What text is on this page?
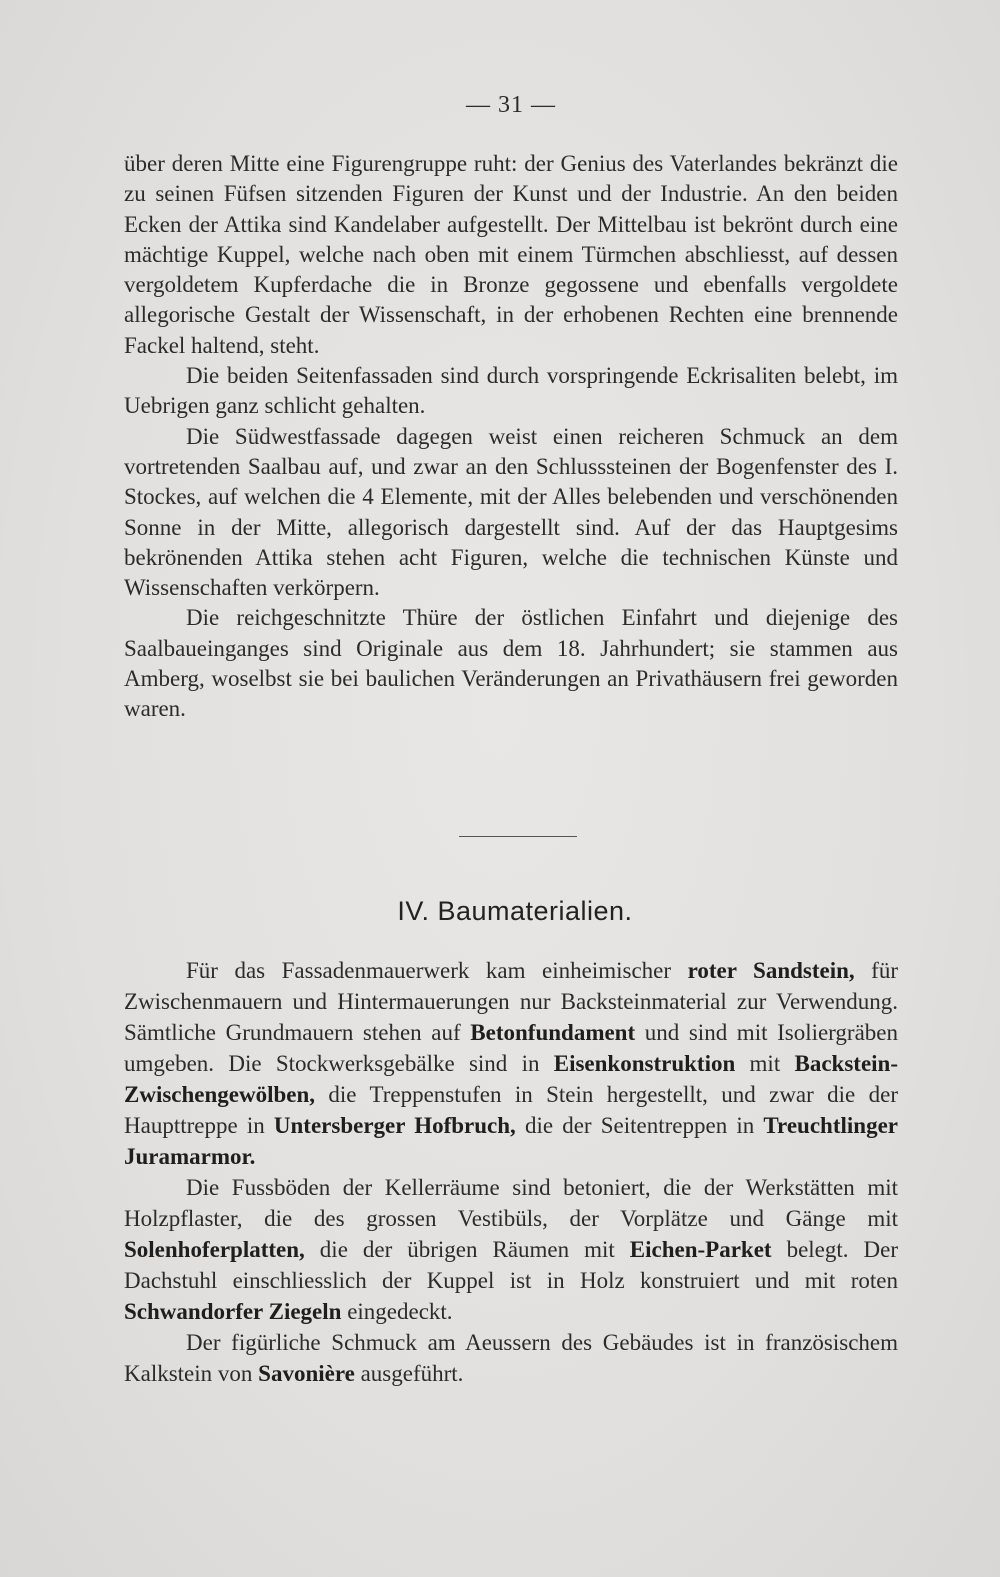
— 31 —

über deren Mitte eine Figurengruppe ruht: der Genius des Vaterlandes bekränzt die zu seinen Füfsen sitzenden Figuren der Kunst und der Industrie. An den beiden Ecken der Attika sind Kandelaber aufgestellt. Der Mittelbau ist bekrönt durch eine mächtige Kuppel, welche nach oben mit einem Türmchen abschliesst, auf dessen vergoldetem Kupferdache die in Bronze gegossene und ebenfalls vergoldete allegorische Gestalt der Wissenschaft, in der erhobenen Rechten eine brennende Fackel haltend, steht.

Die beiden Seitenfassaden sind durch vorspringende Eckrisaliten belebt, im Uebrigen ganz schlicht gehalten.

Die Südwestfassade dagegen weist einen reicheren Schmuck an dem vortretenden Saalbau auf, und zwar an den Schlusssteinen der Bogenfenster des I. Stockes, auf welchen die 4 Elemente, mit der Alles belebenden und verschönenden Sonne in der Mitte, allegorisch dargestellt sind. Auf der das Hauptgesims bekrönenden Attika stehen acht Figuren, welche die technischen Künste und Wissenschaften verkörpern.

Die reichgeschnitzte Thüre der östlichen Einfahrt und diejenige des Saalbaueinganges sind Originale aus dem 18. Jahrhundert; sie stammen aus Amberg, woselbst sie bei baulichen Veränderungen an Privathäusern frei geworden waren.

IV. Baumaterialien.

Für das Fassadenmauerwerk kam einheimischer roter Sandstein, für Zwischenmauern und Hintermauerungen nur Backsteinmaterial zur Verwendung. Sämtliche Grundmauern stehen auf Betonfundament und sind mit Isoliergräben umgeben. Die Stockwerksgebälke sind in Eisenkonstruktion mit Backstein-Zwischengewölben, die Treppenstufen in Stein hergestellt, und zwar die der Haupttreppe in Untersberger Hofbruch, die der Seitentreppen in Treuchtlinger Juramarmor.

Die Fussböden der Kellerräume sind betoniert, die der Werkstätten mit Holzpflaster, die des grossen Vestibüls, der Vorplätze und Gänge mit Solenhoferplatten, die der übrigen Räumen mit Eichen-Parket belegt. Der Dachstuhl einschliesslich der Kuppel ist in Holz konstruiert und mit roten Schwandorfer Ziegeln eingedeckt.

Der figürliche Schmuck am Aeussern des Gebäudes ist in französischem Kalkstein von Savonière ausgeführt.
